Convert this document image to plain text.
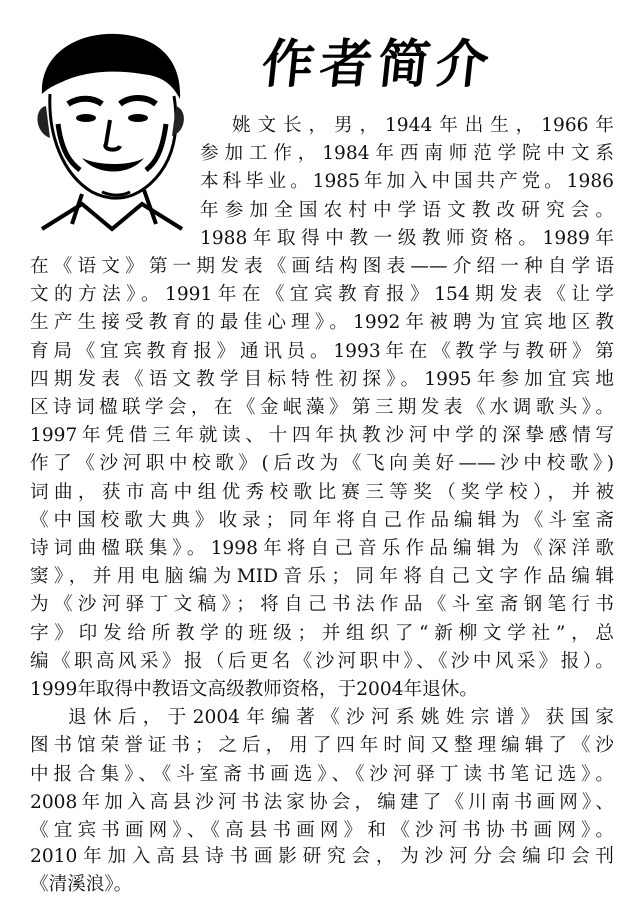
作者简介
姚文长，男，1944年出生，1966年
参加工作，1984年西南师范学院中文系
本科毕业。1985年加入中国共产党。1986
年参加全国农村中学语文教改研究会。
1988年取得中教一级教师资格。1989年
在《语文》第一期发表《画结构图表——介绍一种自学语
文的方法》。1991年在《宜宾教育报》154期发表《让学
生产生接受教育的最佳心理》。1992年被聘为宜宾地区教
育局《宜宾教育报》通讯员。1993年在《教学与教研》第
四期发表《语文教学目标特性初探》。1995年参加宜宾地
区诗词楹联学会，在《金岷藻》第三期发表《水调歌头》。
1997年凭借三年就读、十四年执教沙河中学的深挚感情写
作了《沙河职中校歌》(后改为《飞向美好——沙中校歌》)
词曲，获市高中组优秀校歌比赛三等奖（奖学校），并被
《中国校歌大典》收录；同年将自己作品编辑为《斗室斋
诗词曲楹联集》。1998年将自己音乐作品编辑为《深洋歌
窦》，并用电脑编为MID音乐；同年将自己文字作品编辑
为《沙河驿丁文稿》；将自己书法作品《斗室斋钢笔行书
字》印发给所教学的班级；并组织了“新柳文学社”，总
编《职高风采》报（后更名《沙河职中》、《沙中风采》报）。
1999年取得中教语文高级教师资格，于2004年退休。
退休后，于2004年编著《沙河系姚姓宗谱》获国家
图书馆荣誉证书；之后，用了四年时间又整理编辑了《沙
中报合集》、《斗室斋书画选》、《沙河驿丁读书笔记选》。
2008年加入高县沙河书法家协会，编建了《川南书画网》、
《宜宾书画网》、《高县书画网》和《沙河书协书画网》。
2010年加入高县诗书画影研究会，为沙河分会编印会刊
《清溪浪》。
